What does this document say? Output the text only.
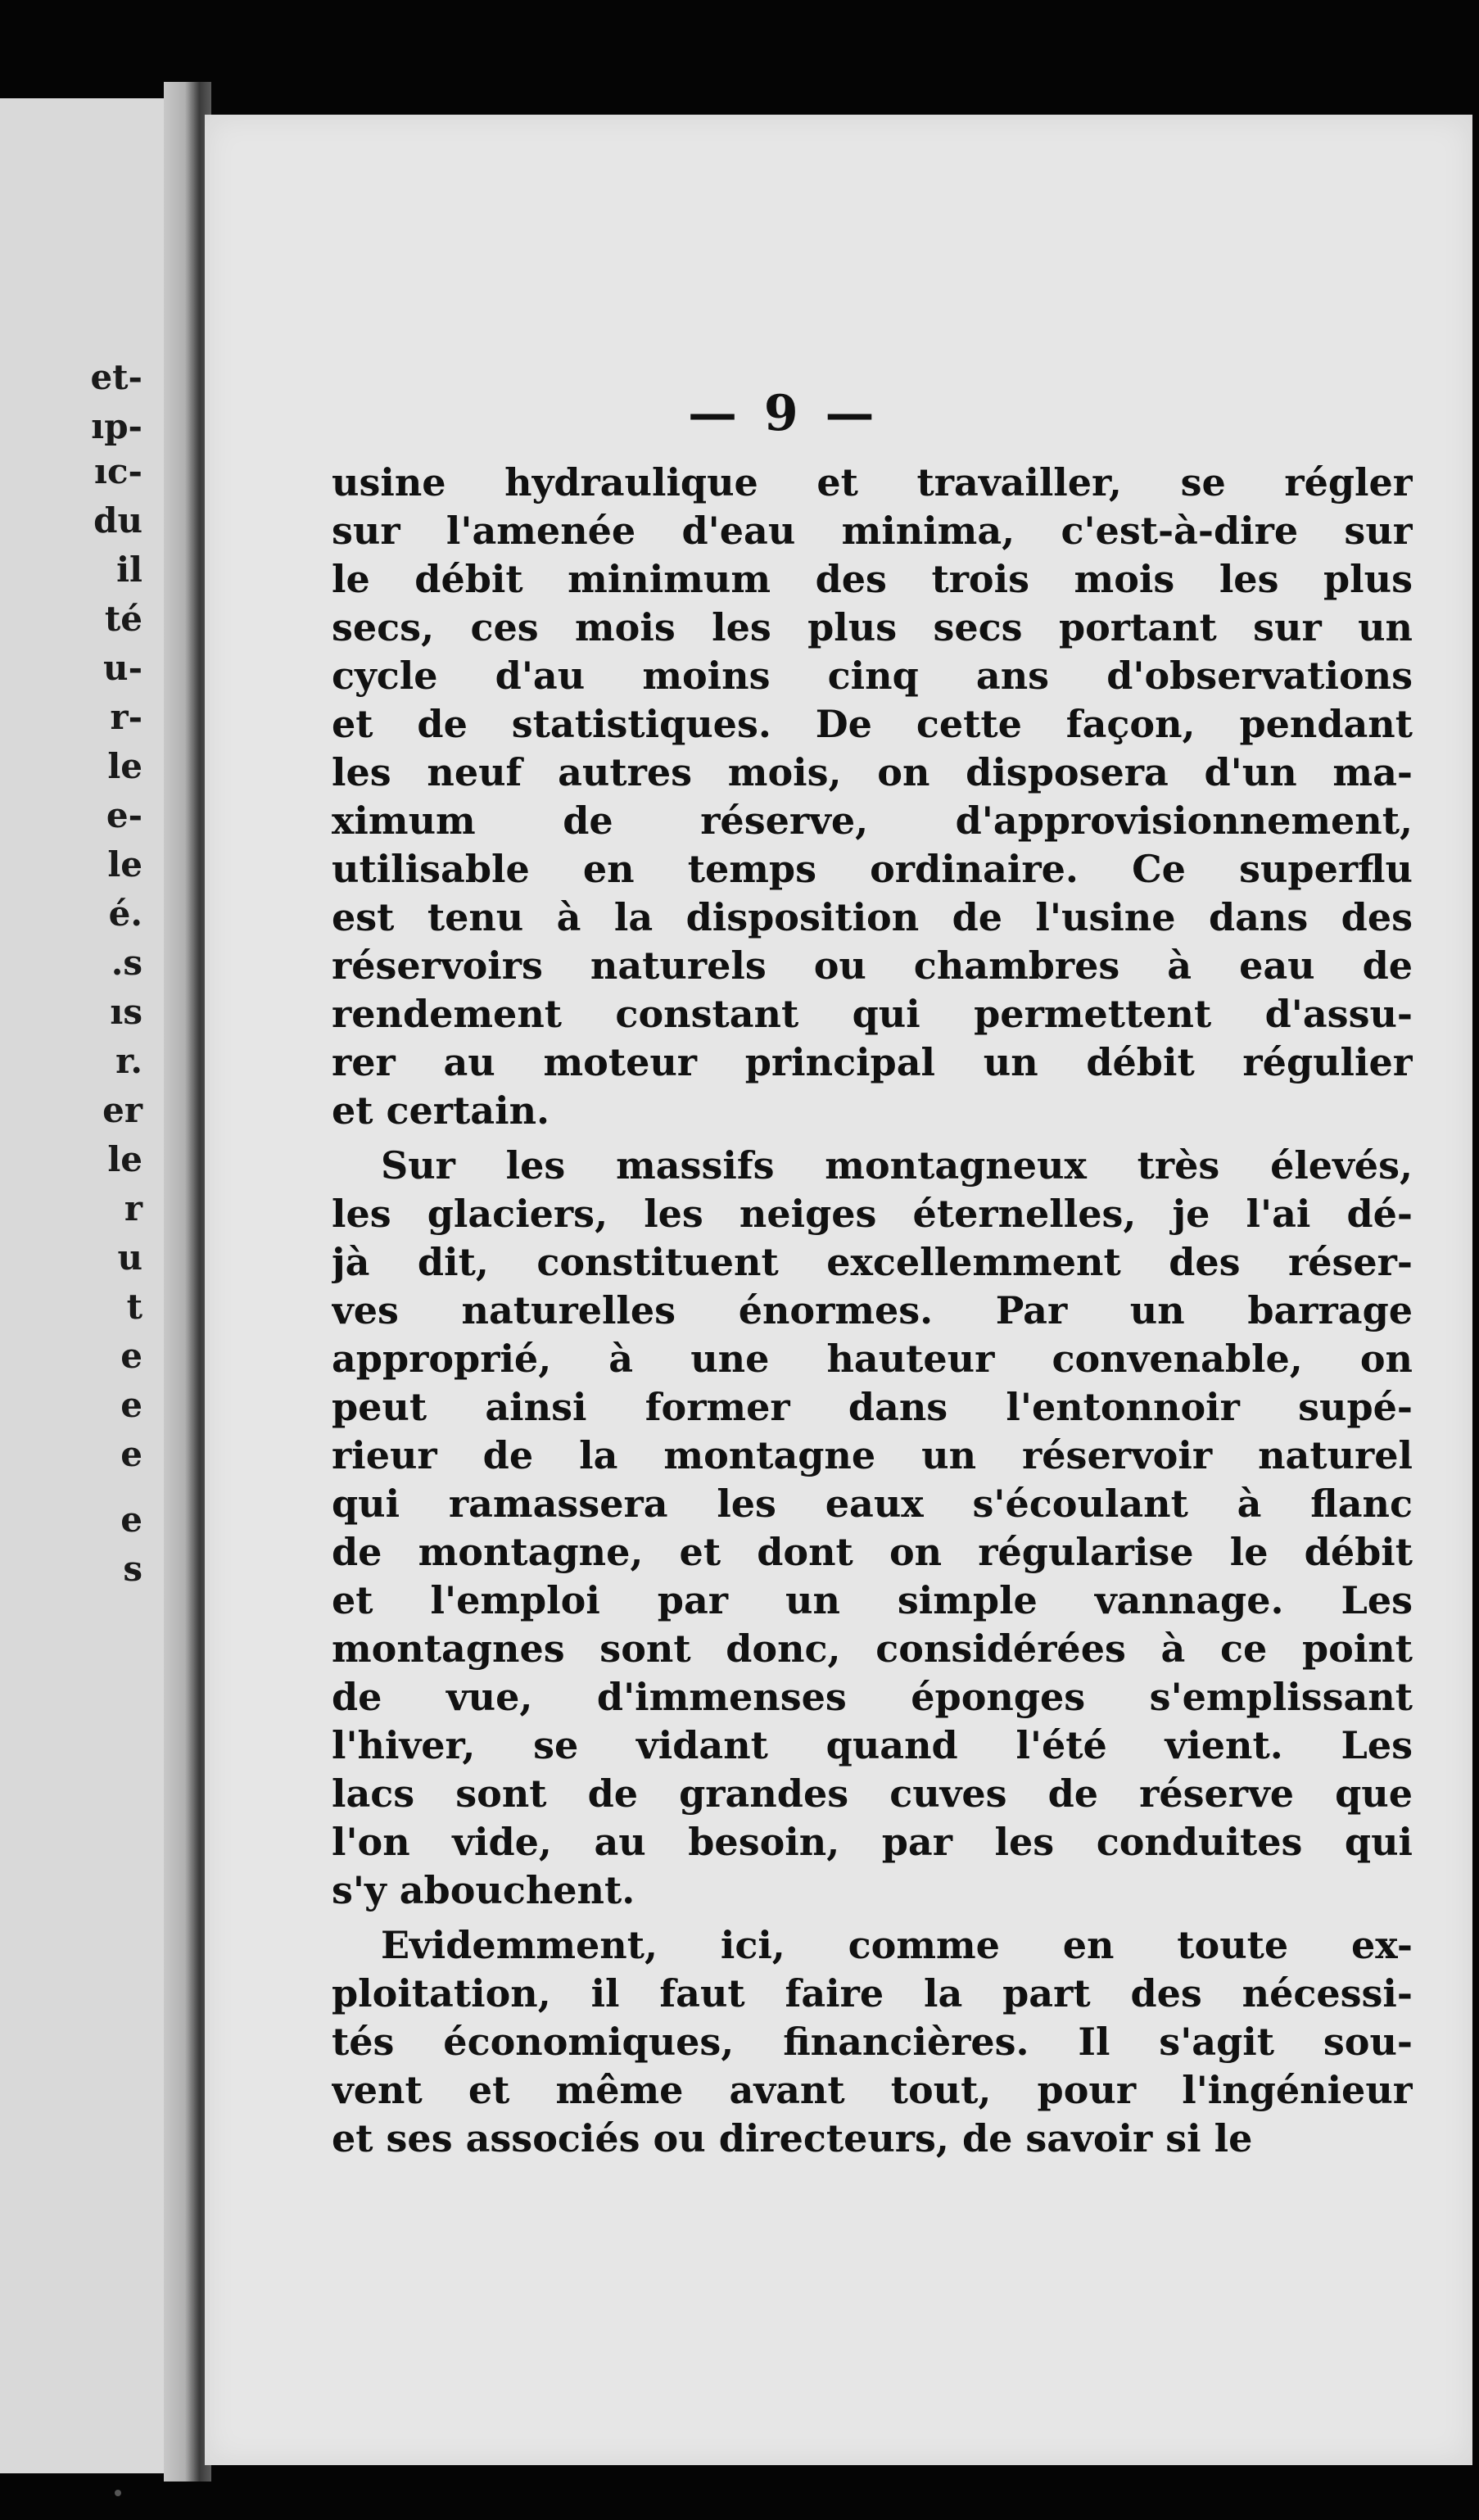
et-
ıp-
ıc-
du
il
té
u-
r-
le
e-
le
é.
.s
ıs
r.
er
le
r
u
t
e
e
e
e
s
— 9 —
usine hydraulique et travailler, se régler
sur l'amenée d'eau minima, c'est-à-dire sur
le débit minimum des trois mois les plus
secs, ces mois les plus secs portant sur un
cycle d'au moins cinq ans d'observations
et de statistiques. De cette façon, pendant
les neuf autres mois, on disposera d'un ma-
ximum de réserve, d'approvisionnement,
utilisable en temps ordinaire. Ce superflu
est tenu à la disposition de l'usine dans des
réservoirs naturels ou chambres à eau de
rendement constant qui permettent d'assu-
rer au moteur principal un débit régulier
et certain.
Sur les massifs montagneux très élevés,
les glaciers, les neiges éternelles, je l'ai dé-
jà dit, constituent excellemment des réser-
ves naturelles énormes. Par un barrage
approprié, à une hauteur convenable, on
peut ainsi former dans l'entonnoir supé-
rieur de la montagne un réservoir naturel
qui ramassera les eaux s'écoulant à flanc
de montagne, et dont on régularise le débit
et l'emploi par un simple vannage. Les
montagnes sont donc, considérées à ce point
de vue, d'immenses éponges s'emplissant
l'hiver, se vidant quand l'été vient. Les
lacs sont de grandes cuves de réserve que
l'on vide, au besoin, par les conduites qui
s'y abouchent.
Evidemment, ici, comme en toute ex-
ploitation, il faut faire la part des nécessi-
tés économiques, financières. Il s'agit sou-
vent et même avant tout, pour l'ingénieur
et ses associés ou directeurs, de savoir si le
